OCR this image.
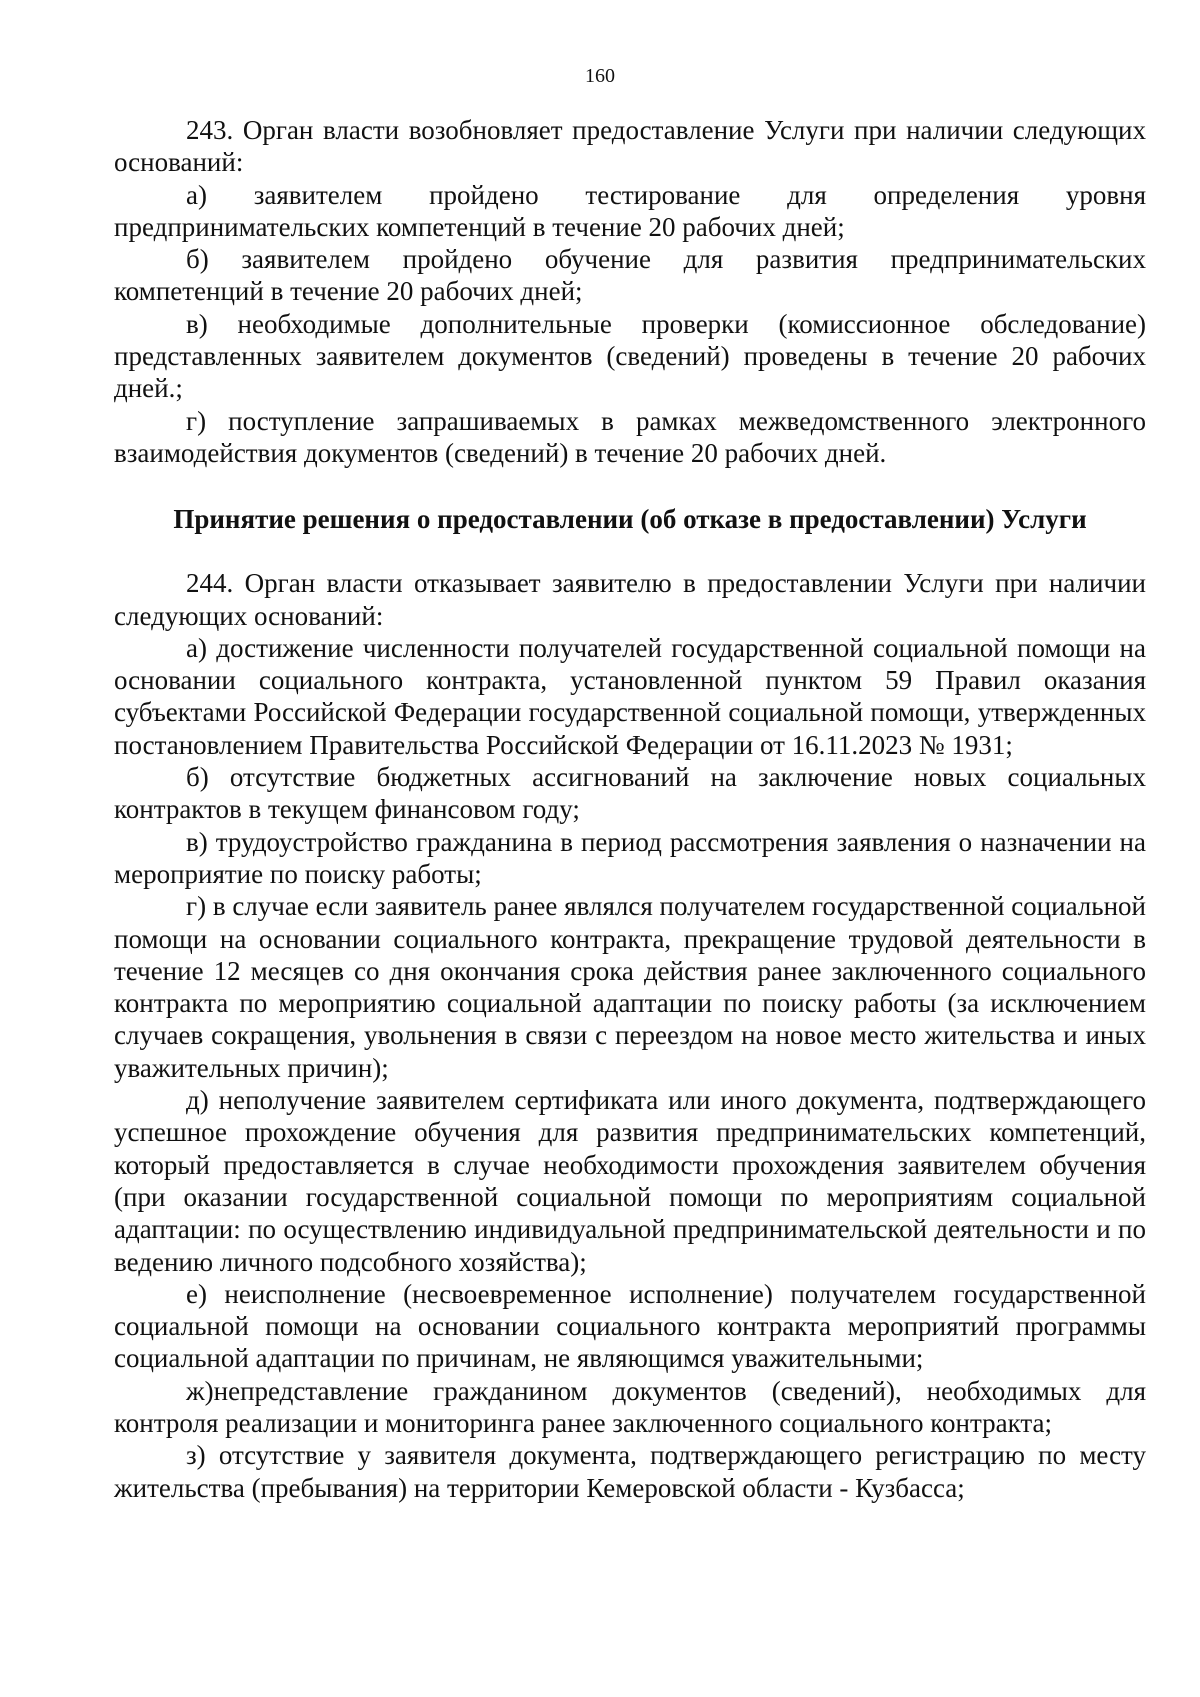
160

243. Орган власти возобновляет предоставление Услуги при наличии следующих оснований:

а) заявителем пройдено тестирование для определения уровня предпринимательских компетенций в течение 20 рабочих дней;

б) заявителем пройдено обучение для развития предпринимательских компетенций в течение 20 рабочих дней;

в) необходимые дополнительные проверки (комиссионное обследование) представленных заявителем документов (сведений) проведены в течение 20 рабочих дней.;

г) поступление запрашиваемых в рамках межведомственного электронного взаимодействия документов (сведений) в течение 20 рабочих дней.

Принятие решения о предоставлении (об отказе в предоставлении) Услуги

244. Орган власти отказывает заявителю в предоставлении Услуги при наличии следующих оснований:

а) достижение численности получателей государственной социальной помощи на основании социального контракта, установленной пунктом 59 Правил оказания субъектами Российской Федерации государственной социальной помощи, утвержденных постановлением Правительства Российской Федерации от 16.11.2023 № 1931;

б) отсутствие бюджетных ассигнований на заключение новых социальных контрактов в текущем финансовом году;

в) трудоустройство гражданина в период рассмотрения заявления о назначении на мероприятие по поиску работы;

г) в случае если заявитель ранее являлся получателем государственной социальной помощи на основании социального контракта, прекращение трудовой деятельности в течение 12 месяцев со дня окончания срока действия ранее заключенного социального контракта по мероприятию социальной адаптации по поиску работы (за исключением случаев сокращения, увольнения в связи с переездом на новое место жительства и иных уважительных причин);

д) неполучение заявителем сертификата или иного документа, подтверждающего успешное прохождение обучения для развития предпринимательских компетенций, который предоставляется в случае необходимости прохождения заявителем обучения (при оказании государственной социальной помощи по мероприятиям социальной адаптации: по осуществлению индивидуальной предпринимательской деятельности и по ведению личного подсобного хозяйства);

е) неисполнение (несвоевременное исполнение) получателем государственной социальной помощи на основании социального контракта мероприятий программы социальной адаптации по причинам, не являющимся уважительными;

ж)непредставление гражданином документов (сведений), необходимых для контроля реализации и мониторинга ранее заключенного социального контракта;

з) отсутствие у заявителя документа, подтверждающего регистрацию по месту жительства (пребывания) на территории Кемеровской области - Кузбасса;
